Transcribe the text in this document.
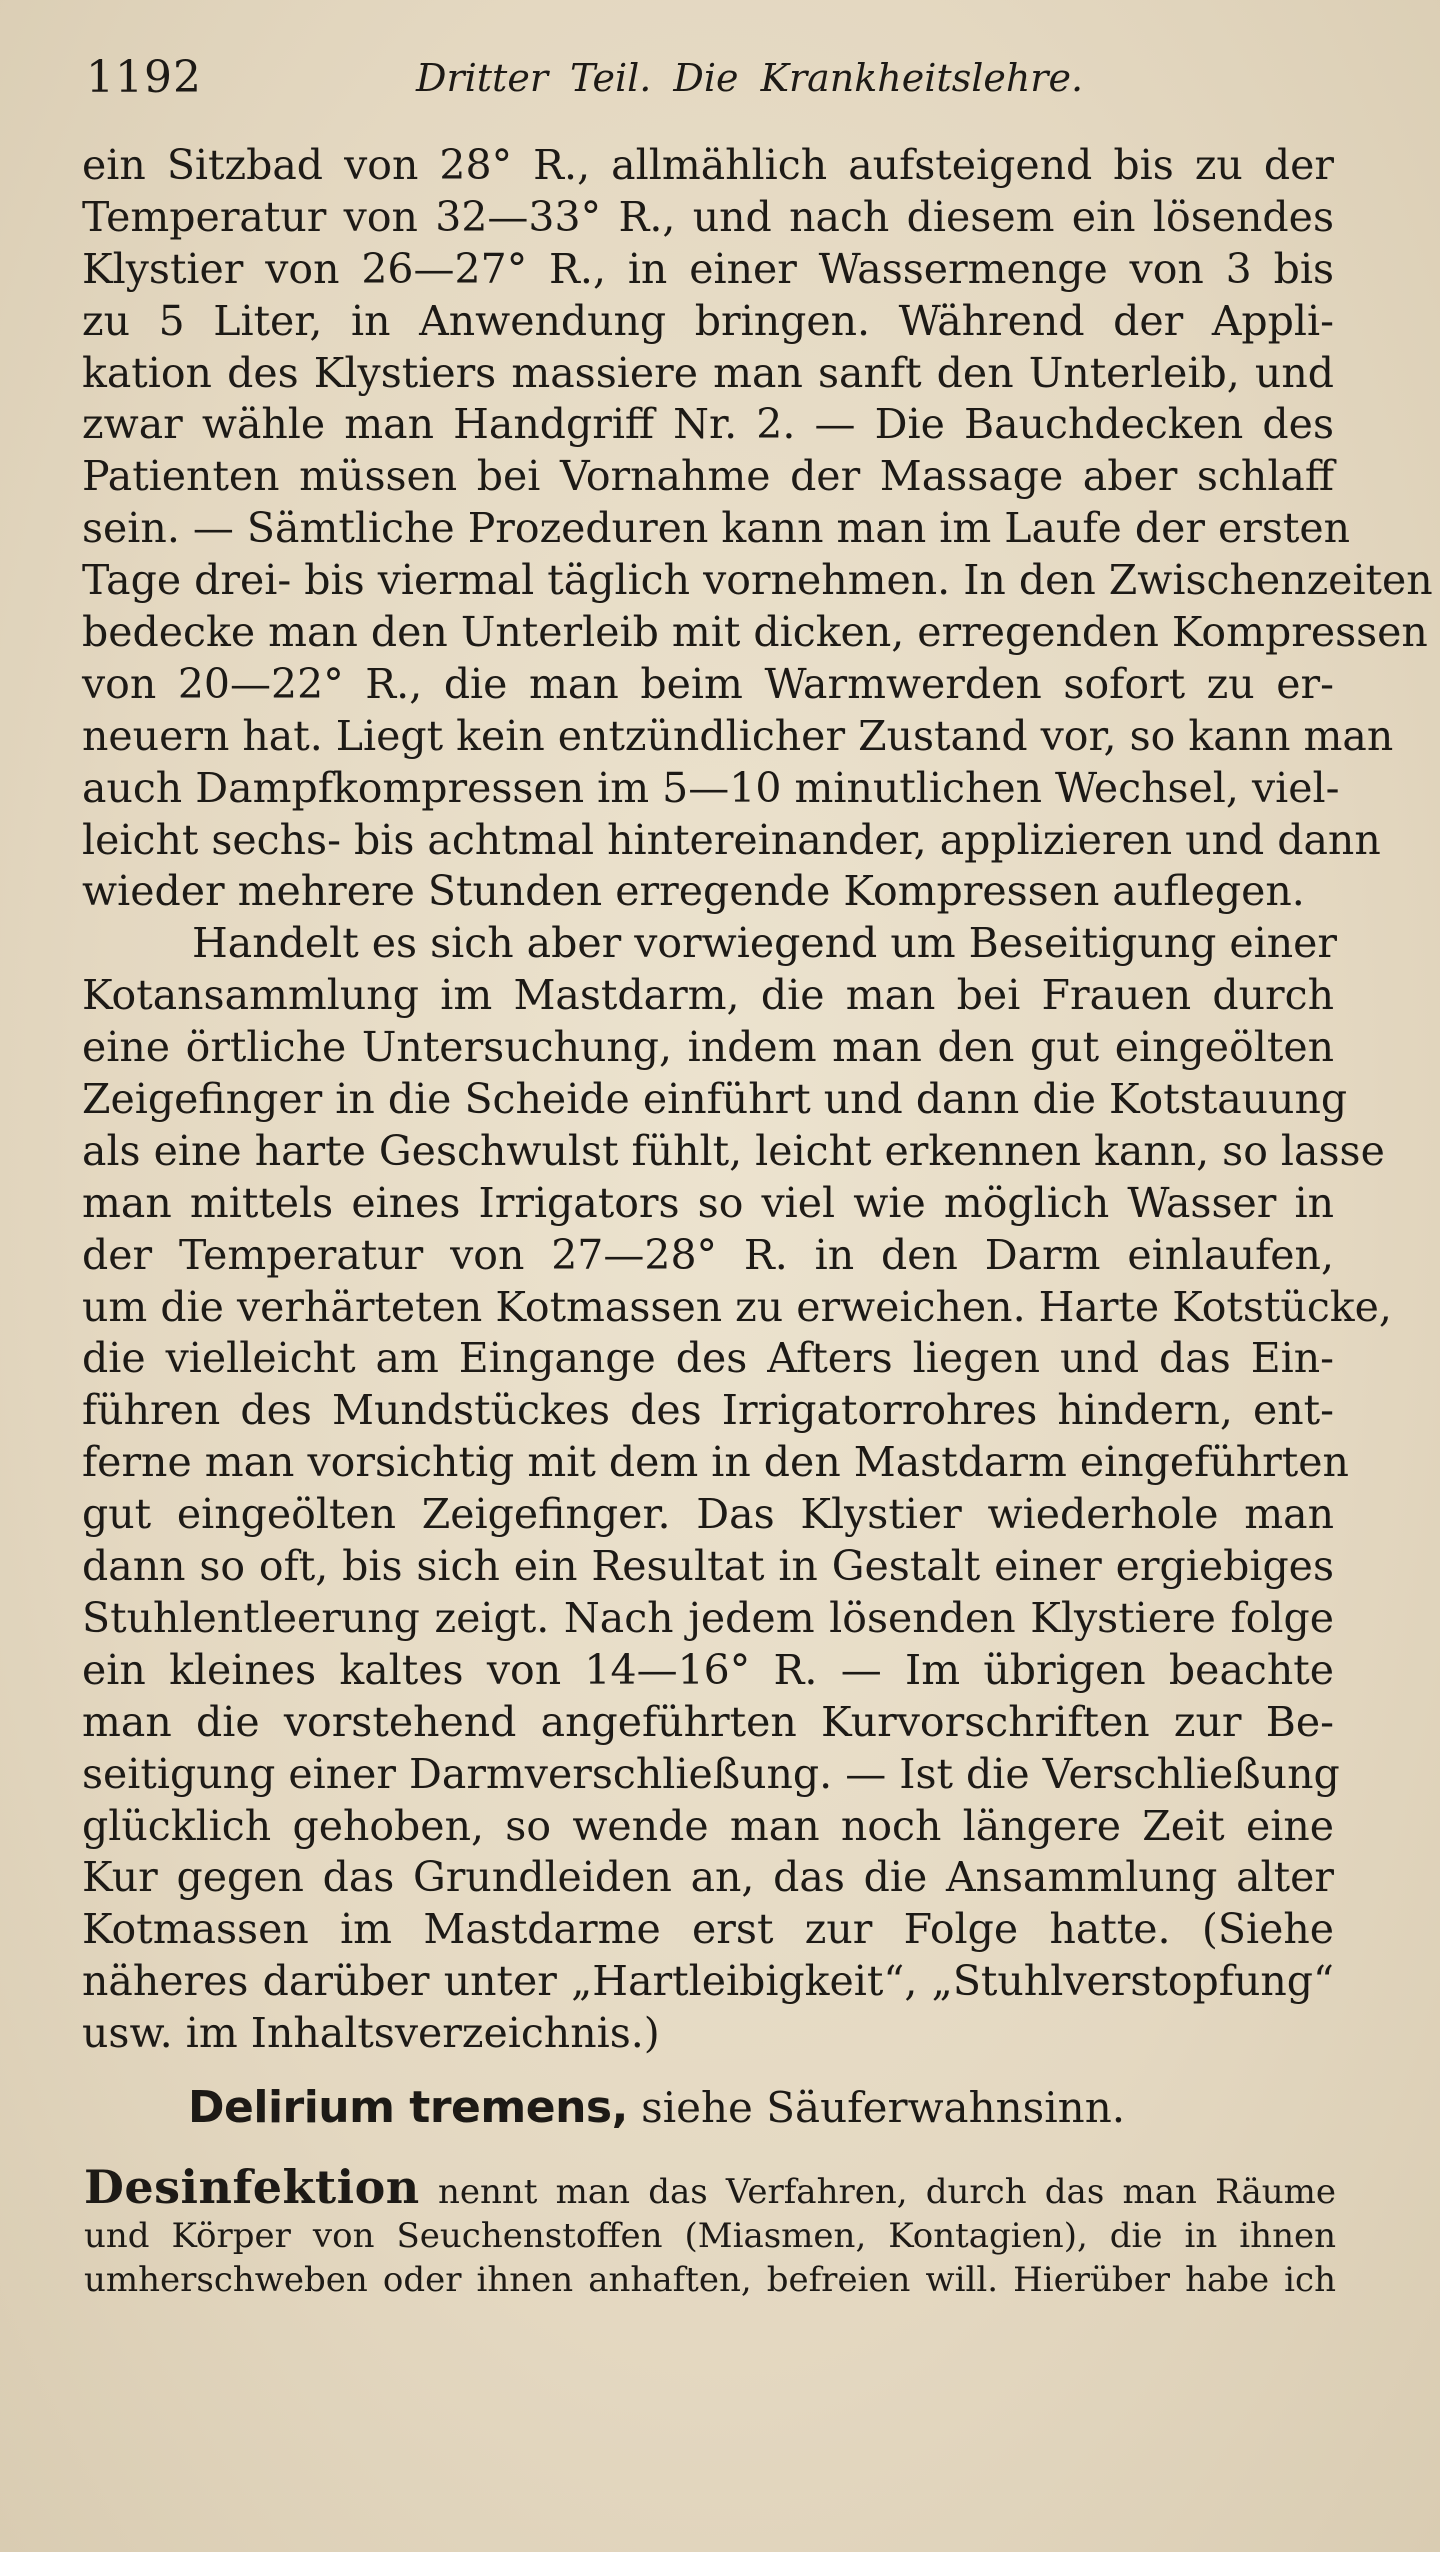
1192	Dritter Teil. Die Krankheitslehre.
ein Sitzbad von 28° R., allmählich aufsteigend bis zu der
Temperatur von 32—33° R., und nach diesem ein lösendes
Klystier von 26—27° R., in einer Wassermenge von 3 bis
zu 5 Liter, in Anwendung bringen. Während der Appli-
kation des Klystiers massiere man sanft den Unterleib, und
zwar wähle man Handgriff Nr. 2. — Die Bauchdecken des
Patienten müssen bei Vornahme der Massage aber schlaff
sein. — Sämtliche Prozeduren kann man im Laufe der ersten
Tage drei- bis viermal täglich vornehmen. In den Zwischenzeiten
bedecke man den Unterleib mit dicken, erregenden Kompressen
von 20—22° R., die man beim Warmwerden sofort zu er-
neuern hat. Liegt kein entzündlicher Zustand vor, so kann man
auch Dampfkompressen im 5—10 minutlichen Wechsel, viel-
leicht sechs- bis achtmal hintereinander, applizieren und dann
wieder mehrere Stunden erregende Kompressen auflegen.
Handelt es sich aber vorwiegend um Beseitigung einer
Kotansammlung im Mastdarm, die man bei Frauen durch
eine örtliche Untersuchung, indem man den gut eingeölten
Zeigefinger in die Scheide einführt und dann die Kotstauung
als eine harte Geschwulst fühlt, leicht erkennen kann, so lasse
man mittels eines Irrigators so viel wie möglich Wasser in
der Temperatur von 27—28° R. in den Darm einlaufen,
um die verhärteten Kotmassen zu erweichen. Harte Kotstücke,
die vielleicht am Eingange des Afters liegen und das Ein-
führen des Mundstückes des Irrigatorrohres hindern, ent-
ferne man vorsichtig mit dem in den Mastdarm eingeführten
gut eingeölten Zeigefinger. Das Klystier wiederhole man
dann so oft, bis sich ein Resultat in Gestalt einer ergiebiges
Stuhlentleerung zeigt. Nach jedem lösenden Klystiere folge
ein kleines kaltes von 14—16° R. — Im übrigen beachte
man die vorstehend angeführten Kurvorschriften zur Be-
seitigung einer Darmverschließung. — Ist die Verschließung
glücklich gehoben, so wende man noch längere Zeit eine
Kur gegen das Grundleiden an, das die Ansammlung alter
Kotmassen im Mastdarme erst zur Folge hatte. (Siehe
näheres darüber unter „Hartleibigkeit“, „Stuhlverstopfung“
usw. im Inhaltsverzeichnis.)
Delirium tremens, siehe Säuferwahnsinn.
Desinfektion nennt man das Verfahren, durch das man Räume
und Körper von Seuchenstoffen (Miasmen, Kontagien), die in ihnen
umherschweben oder ihnen anhaften, befreien will. Hierüber habe ich
